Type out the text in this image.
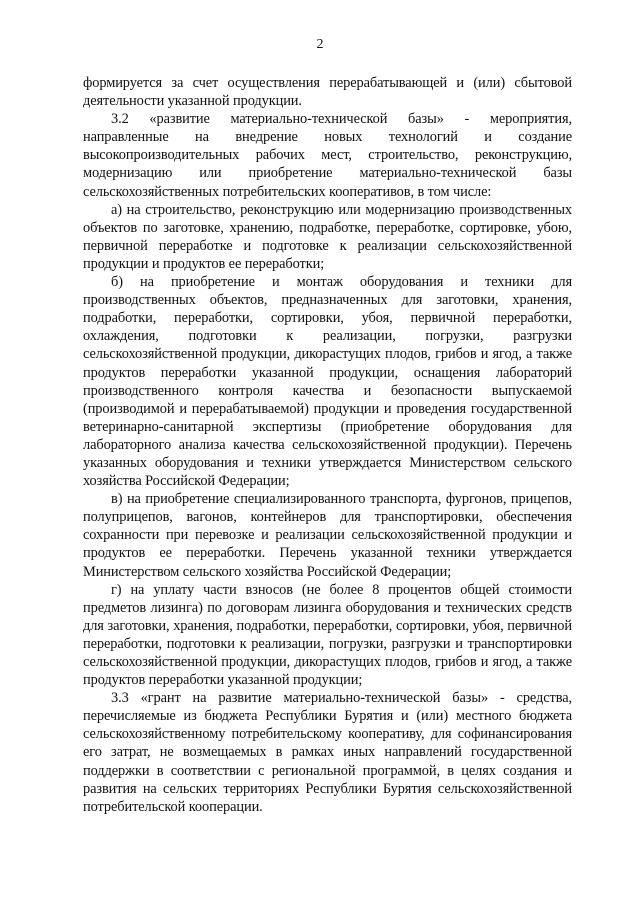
2

формируется за счет осуществления перерабатывающей и (или) сбытовой деятельности указанной продукции.

3.2 «развитие материально-технической базы» - мероприятия, направленные на внедрение новых технологий и создание высокопроизводительных рабочих мест, строительство, реконструкцию, модернизацию или приобретение материально-технической базы сельскохозяйственных потребительских кооперативов, в том числе:

а) на строительство, реконструкцию или модернизацию производственных объектов по заготовке, хранению, подработке, переработке, сортировке, убою, первичной переработке и подготовке к реализации сельскохозяйственной продукции и продуктов ее переработки;

б) на приобретение и монтаж оборудования и техники для производственных объектов, предназначенных для заготовки, хранения, подработки, переработки, сортировки, убоя, первичной переработки, охлаждения, подготовки к реализации, погрузки, разгрузки сельскохозяйственной продукции, дикорастущих плодов, грибов и ягод, а также продуктов переработки указанной продукции, оснащения лабораторий производственного контроля качества и безопасности выпускаемой (производимой и перерабатываемой) продукции и проведения государственной ветеринарно-санитарной экспертизы (приобретение оборудования для лабораторного анализа качества сельскохозяйственной продукции). Перечень указанных оборудования и техники утверждается Министерством сельского хозяйства Российской Федерации;

в) на приобретение специализированного транспорта, фургонов, прицепов, полуприцепов, вагонов, контейнеров для транспортировки, обеспечения сохранности при перевозке и реализации сельскохозяйственной продукции и продуктов ее переработки. Перечень указанной техники утверждается Министерством сельского хозяйства Российской Федерации;

г) на уплату части взносов (не более 8 процентов общей стоимости предметов лизинга) по договорам лизинга оборудования и технических средств для заготовки, хранения, подработки, переработки, сортировки, убоя, первичной переработки, подготовки к реализации, погрузки, разгрузки и транспортировки сельскохозяйственной продукции, дикорастущих плодов, грибов и ягод, а также продуктов переработки указанной продукции;

3.3 «грант на развитие материально-технической базы» - средства, перечисляемые из бюджета Республики Бурятия и (или) местного бюджета сельскохозяйственному потребительскому кооперативу, для софинансирования его затрат, не возмещаемых в рамках иных направлений государственной поддержки в соответствии с региональной программой, в целях создания и развития на сельских территориях Республики Бурятия сельскохозяйственной потребительской кооперации.
